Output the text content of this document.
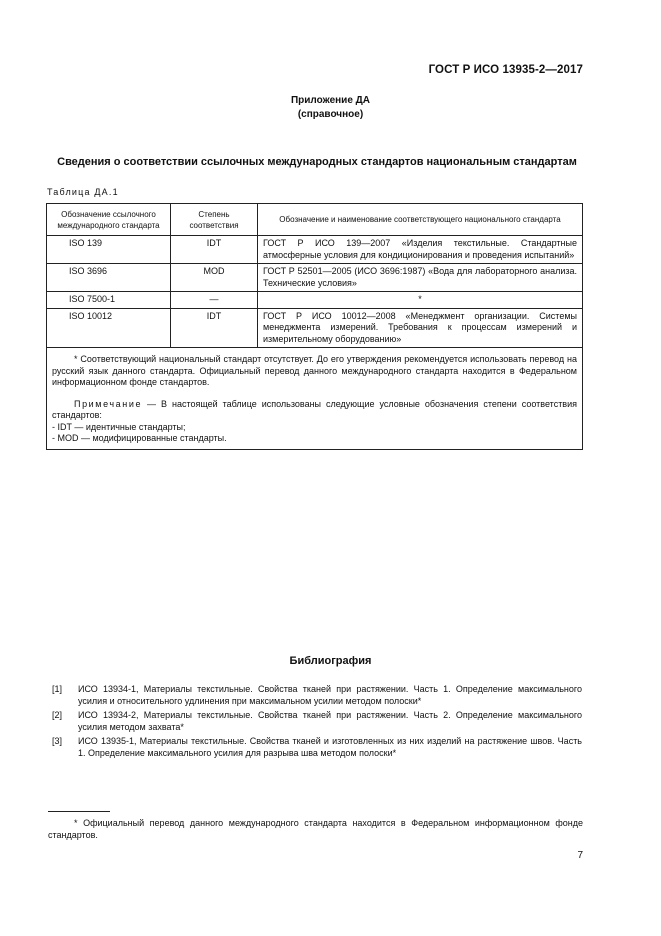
ГОСТ Р ИСО 13935-2—2017
Приложение ДА
(справочное)
Сведения о соответствии ссылочных международных стандартов национальным стандартам
Таблица ДА.1
Обозначение ссылочного международного стандарта	Степень соответствия	Обозначение и наименование соответствующего национального стандарта
ISO 139	IDT	ГОСТ Р ИСО 139—2007 «Изделия текстильные. Стандартные атмосферные условия для кондиционирования и проведения испытаний»
ISO 3696	MOD	ГОСТ Р 52501—2005 (ИСО 3696:1987) «Вода для лабораторного анализа. Технические условия»
ISO 7500-1	—	*
ISO 10012	IDT	ГОСТ Р ИСО 10012—2008 «Менеджмент организации. Системы менеджмента измерений. Требования к процессам измерений и измерительному оборудованию»

* Соответствующий национальный стандарт отсутствует. До его утверждения рекомендуется использовать перевод на русский язык данного стандарта. Официальный перевод данного международного стандарта находится в Федеральном информационном фонде стандартов.

Примечание — В настоящей таблице использованы следующие условные обозначения степени соответствия стандартов:

- IDT — идентичные стандарты;

- MOD — модифицированные стандарты.		

Библиография
[1]	ИСО 13934-1, Материалы текстильные. Свойства тканей при растяжении. Часть 1. Определение максимального усилия и относительного удлинения при максимальном усилии методом полоски*
[2]	ИСО 13934-2, Материалы текстильные. Свойства тканей при растяжении. Часть 2. Определение максимального усилия методом захвата*
[3]	ИСО 13935-1, Материалы текстильные. Свойства тканей и изготовленных из них изделий на растяжение швов. Часть 1. Определение максимального усилия для разрыва шва методом полоски*
* Официальный перевод данного международного стандарта находится в Федеральном информационном фонде стандартов.
7
